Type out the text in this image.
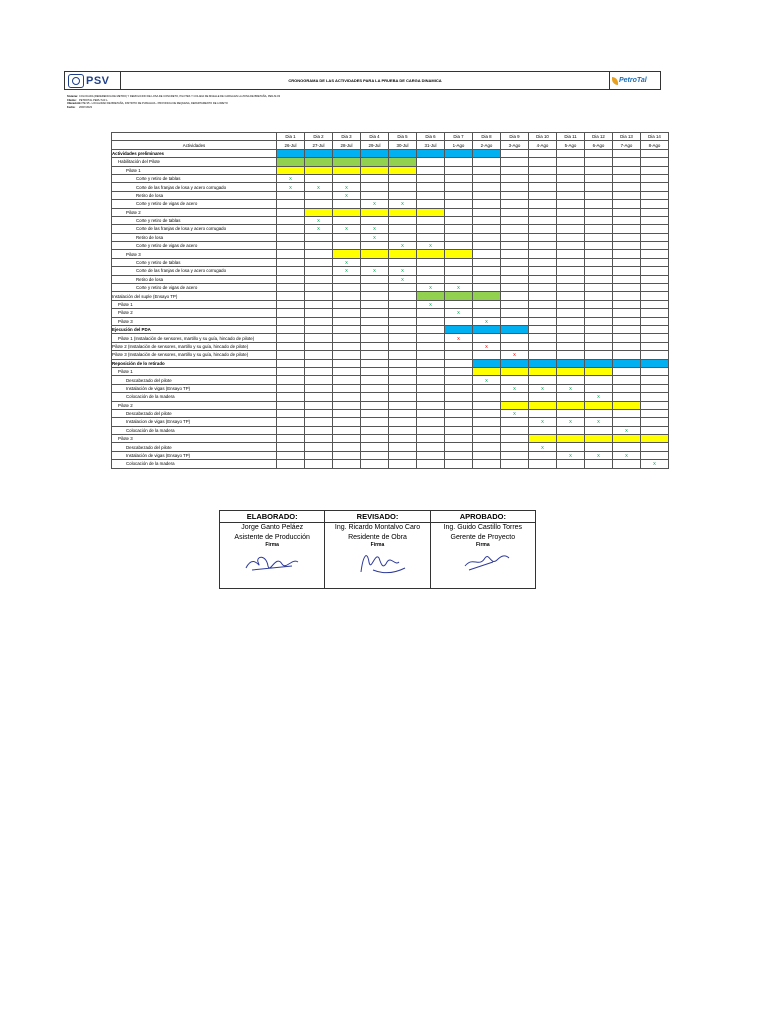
PSV	CRONOGRAMA DE LAS ACTIVIDADES PARA LA PRUEBA DE CARGA DINAMICA	PetroTal
Sistema: COLOCADA (REFERENCIA DE METRO) Y DEMOLICION DE LOSA DE CONCRETO, PILOTES Y COLADA DE MUELLE DE CARGA EN LA ZONA DE BRETAÑA, PEN-M-03
Cliente: PETROTAL PERU S.R.L.
Ubicación:
LOTE 95 - LOCALIDAD DE BRETAÑA, DISTRITO DE PUINAHUA - PROVINCIA DE REQUENA, DEPARTAMENTO DE LORETO
Fecha:	26/07/2023
	Dia 1	Dia 2	Dia 3	Dia 4	Dia 5	Dia 6	Dia 7	Dia 8	Dia 9	Dia 10	Dia 11	Dia 12	Dia 13	Dia 14
Actividades	26-Jul	27-Jul	28-Jul	29-Jul	30-Jul	31-Jul	1-Ago	2-Ago	3-Ago	4-Ago	5-Ago	6-Ago	7-Ago	8-Ago
Actividades preliminares														
Habilitación del Pilote														
Pilote 1														
Corte y retiro de tablas	X													
Corte de las franjas de losa y acero corrugado	X	X	X											
Retiro de losa			X											
Corte y retiro de vigas de acero				X	X									
Pilote 2														
Corte y retiro de tablas		X												
Corte de las franjas de losa y acero corrugado		X	X	X										
Retiro de losa				X										
Corte y retiro de vigas de acero					X	X								
Pilote 3														
Corte y retiro de tablas			X											
Corte de las franjas de losa y acero corrugado			X	X	X									
Retiro de losa					X									
Corte y retiro de vigas de acero						X	X							
Instalación del suple (Ensayo TP)														
Pilote 1						X								
Pilote 2							X							
Pilote 3								X						
Ejecución del PDA														
Pilote 1 (Instalación de sensores, martillo y su guía, hincado de pilote)							X							
Pilote 2 (Instalación de sensores, martillo y su guía, hincado de pilote)								X						
Pilote 3 (Instalación de sensores, martillo y su guía, hincado de pilote)									X					
Reposición de lo retirado														
Pilote 1														
Descabezado del pilote								X						
Instalación de vigas (Ensayo TP)									X	X	X			
Colocación de la madera												X		
Pilote 2														
Descabezado del pilote									X					
Instalacion de vigas (Ensayo TP)										X	X	X		
Colocación de la madera													X	
Pilote 3														
Descabezado del pilote										X				
Instalación de vigas (Ensayo TP)											X	X	X	
Colocación de la madera														X
ELABORADO:
Jorge Ganto Peláez
Asistente de Producción
Firma
REVISADO:
Ing. Ricardo Montalvo Caro
Residente de Obra
Firma
APROBADO:
Ing. Guido Castillo Torres
Gerente de Proyecto
Firma
